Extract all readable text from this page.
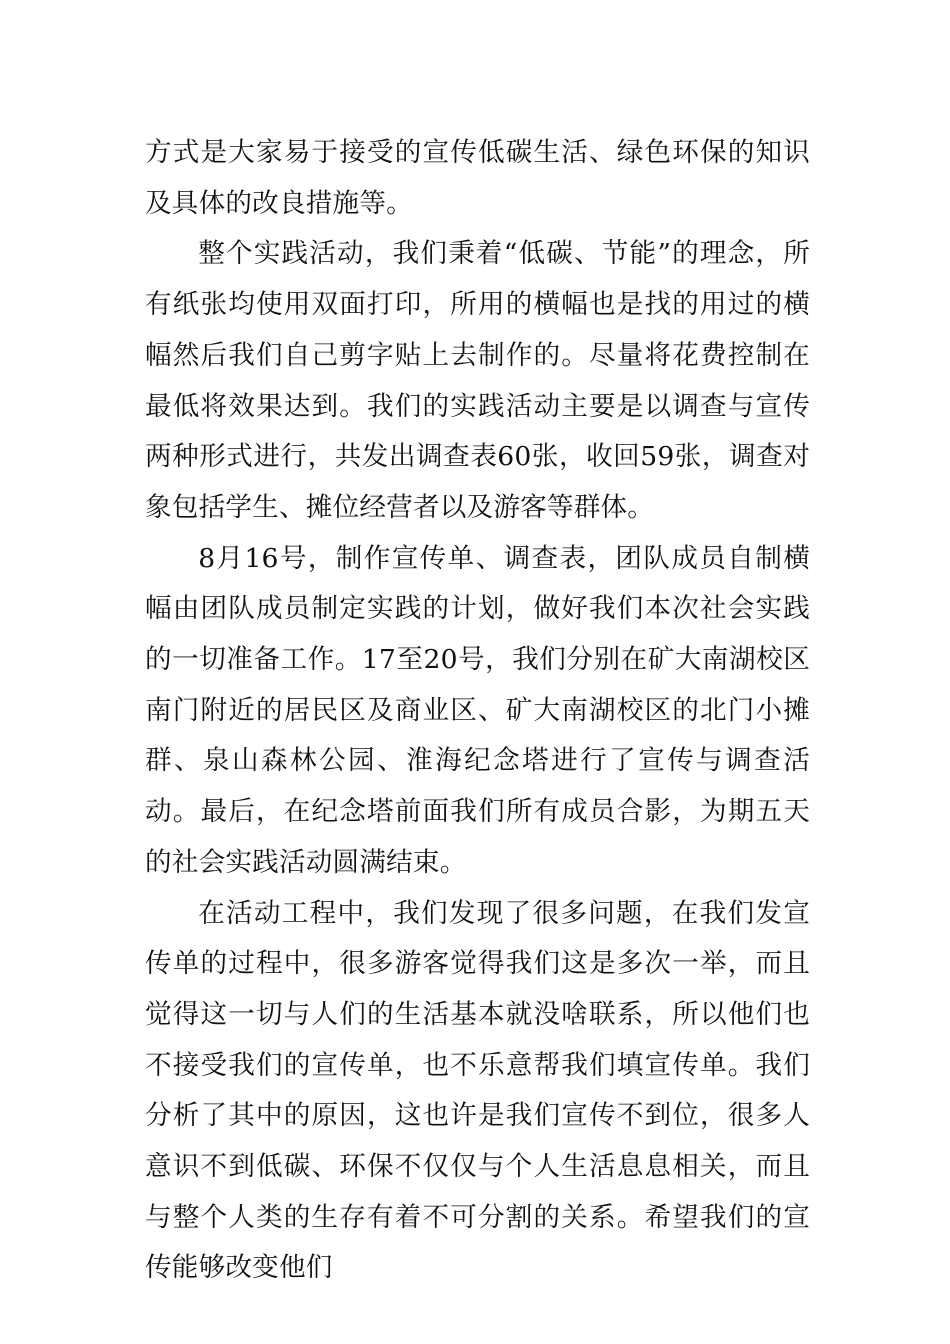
方式是大家易于接受的宣传低碳生活、绿色环保的知识及具体的改良措施等。

整个实践活动，我们秉着“低碳、节能”的理念，所有纸张均使用双面打印，所用的横幅也是找的用过的横幅然后我们自己剪字贴上去制作的。尽量将花费控制在最低将效果达到。我们的实践活动主要是以调查与宣传两种形式进行，共发出调查表60张，收回59张，调查对象包括学生、摊位经营者以及游客等群体。

8月16号，制作宣传单、调查表，团队成员自制横幅由团队成员制定实践的计划，做好我们本次社会实践的一切准备工作。17至20号，我们分别在矿大南湖校区南门附近的居民区及商业区、矿大南湖校区的北门小摊群、泉山森林公园、淮海纪念塔进行了宣传与调查活动。最后，在纪念塔前面我们所有成员合影，为期五天的社会实践活动圆满结束。

在活动工程中，我们发现了很多问题，在我们发宣传单的过程中，很多游客觉得我们这是多次一举，而且觉得这一切与人们的生活基本就没啥联系，所以他们也不接受我们的宣传单，也不乐意帮我们填宣传单。我们分析了其中的原因，这也许是我们宣传不到位，很多人意识不到低碳、环保不仅仅与个人生活息息相关，而且与整个人类的生存有着不可分割的关系。希望我们的宣传能够改变他们
